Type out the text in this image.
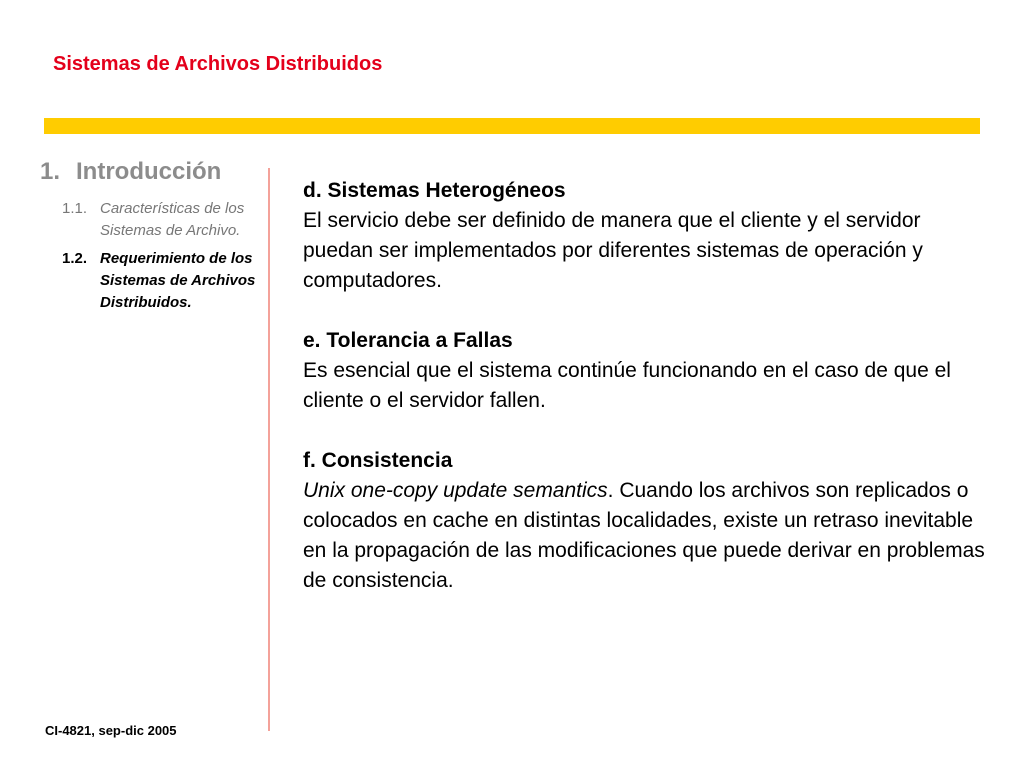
Sistemas de Archivos Distribuidos
1. Introducción
1.1. Características de los Sistemas de Archivo.
1.2. Requerimiento de los Sistemas de Archivos Distribuidos.
d. Sistemas Heterogéneos

El servicio debe ser definido de manera que el cliente y el servidor puedan ser implementados por diferentes sistemas de operación y computadores.

e. Tolerancia a Fallas

Es esencial que el sistema continúe funcionando en el caso de que el cliente o el servidor fallen.

f. Consistencia

Unix one-copy update semantics. Cuando los archivos son replicados o colocados en cache en distintas localidades, existe un retraso inevitable en la propagación de las modificaciones que puede derivar en problemas de consistencia.

CI-4821, sep-dic 2005
